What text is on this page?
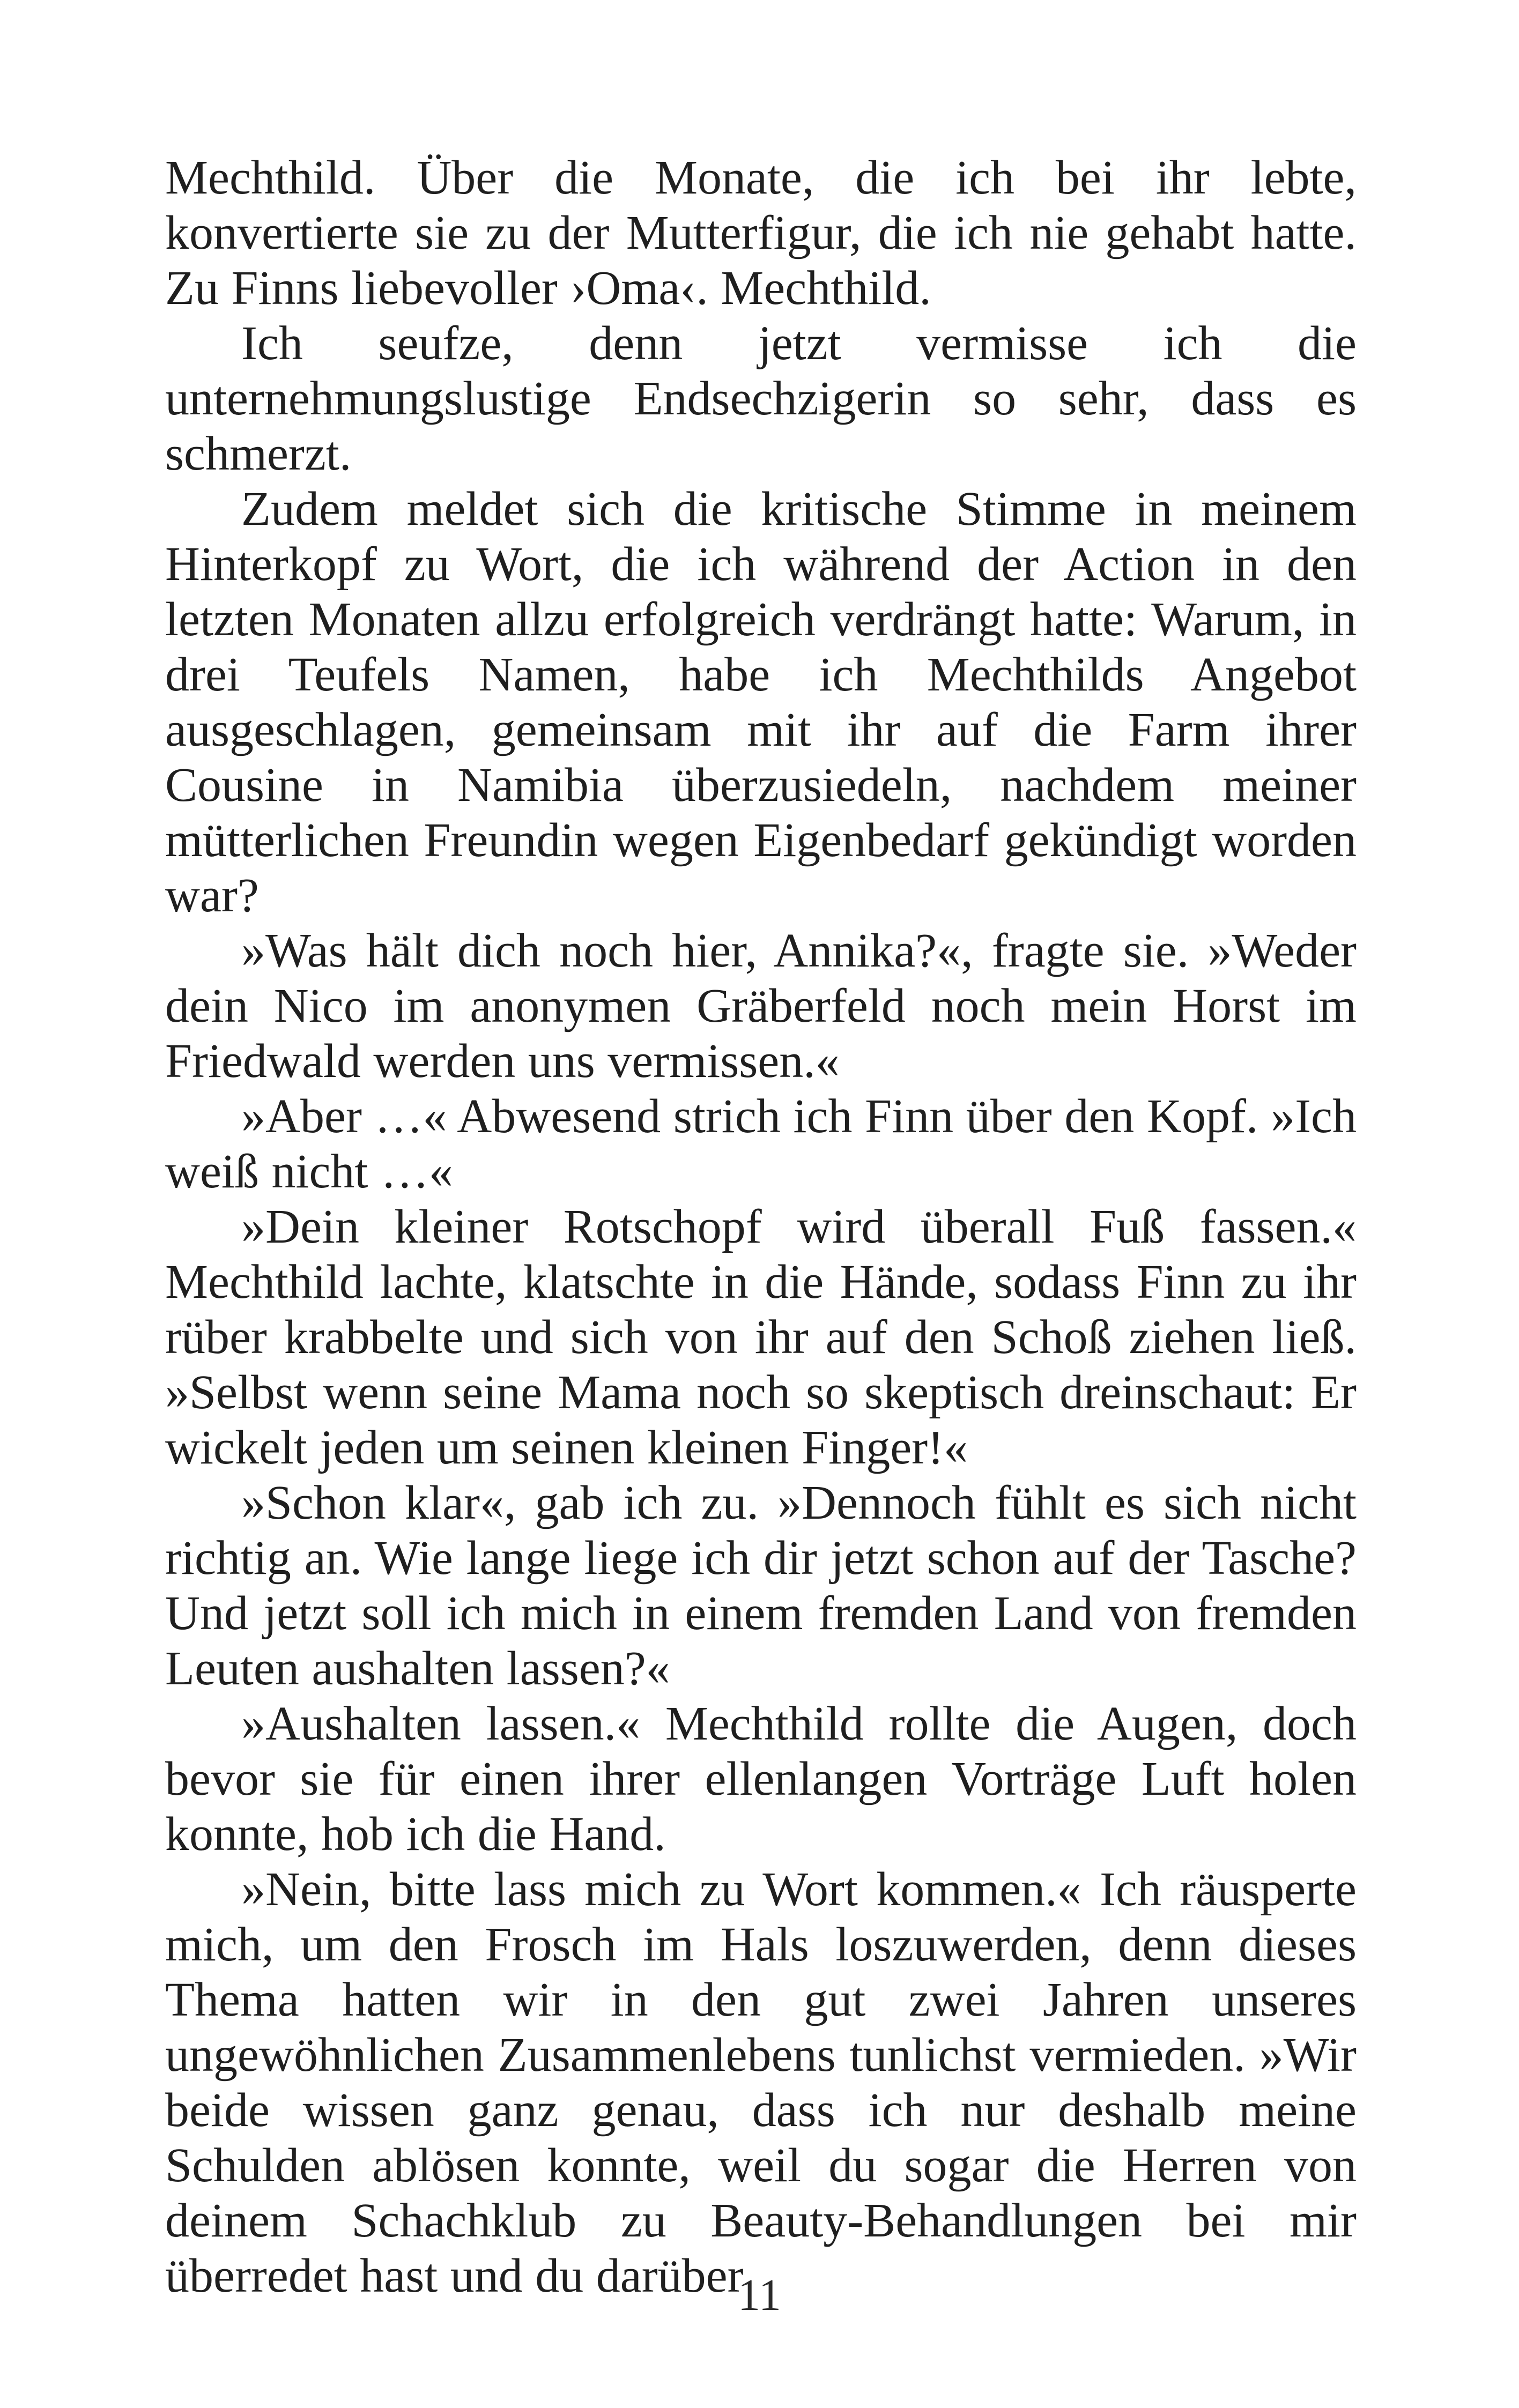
Mechthild. Über die Monate, die ich bei ihr lebte, konvertierte sie zu der Mutterfigur, die ich nie gehabt hatte. Zu Finns liebevoller ›Oma‹. Mechthild.

Ich seufze, denn jetzt vermisse ich die unternehmungslustige Endsechzigerin so sehr, dass es schmerzt.

Zudem meldet sich die kritische Stimme in meinem Hinterkopf zu Wort, die ich während der Action in den letzten Monaten allzu erfolgreich verdrängt hatte: Warum, in drei Teufels Namen, habe ich Mechthilds Angebot ausgeschlagen, gemeinsam mit ihr auf die Farm ihrer Cousine in Namibia überzusiedeln, nachdem meiner mütterlichen Freundin wegen Eigenbedarf gekündigt worden war?

»Was hält dich noch hier, Annika?«, fragte sie. »Weder dein Nico im anonymen Gräberfeld noch mein Horst im Friedwald werden uns vermissen.«

»Aber …« Abwesend strich ich Finn über den Kopf. »Ich weiß nicht …«

»Dein kleiner Rotschopf wird überall Fuß fassen.« Mechthild lachte, klatschte in die Hände, sodass Finn zu ihr rüber krabbelte und sich von ihr auf den Schoß ziehen ließ. »Selbst wenn seine Mama noch so skeptisch dreinschaut: Er wickelt jeden um seinen kleinen Finger!«

»Schon klar«, gab ich zu. »Dennoch fühlt es sich nicht richtig an. Wie lange liege ich dir jetzt schon auf der Tasche? Und jetzt soll ich mich in einem fremden Land von fremden Leuten aushalten lassen?«

»Aushalten lassen.« Mechthild rollte die Augen, doch bevor sie für einen ihrer ellenlangen Vorträge Luft holen konnte, hob ich die Hand.

»Nein, bitte lass mich zu Wort kommen.« Ich räusperte mich, um den Frosch im Hals loszuwerden, denn dieses Thema hatten wir in den gut zwei Jahren unseres ungewöhnlichen Zusammenlebens tunlichst vermieden. »Wir beide wissen ganz genau, dass ich nur deshalb meine Schulden ablösen konnte, weil du sogar die Herren von deinem Schachklub zu Beauty-Behandlungen bei mir überredet hast und du darüber

11
